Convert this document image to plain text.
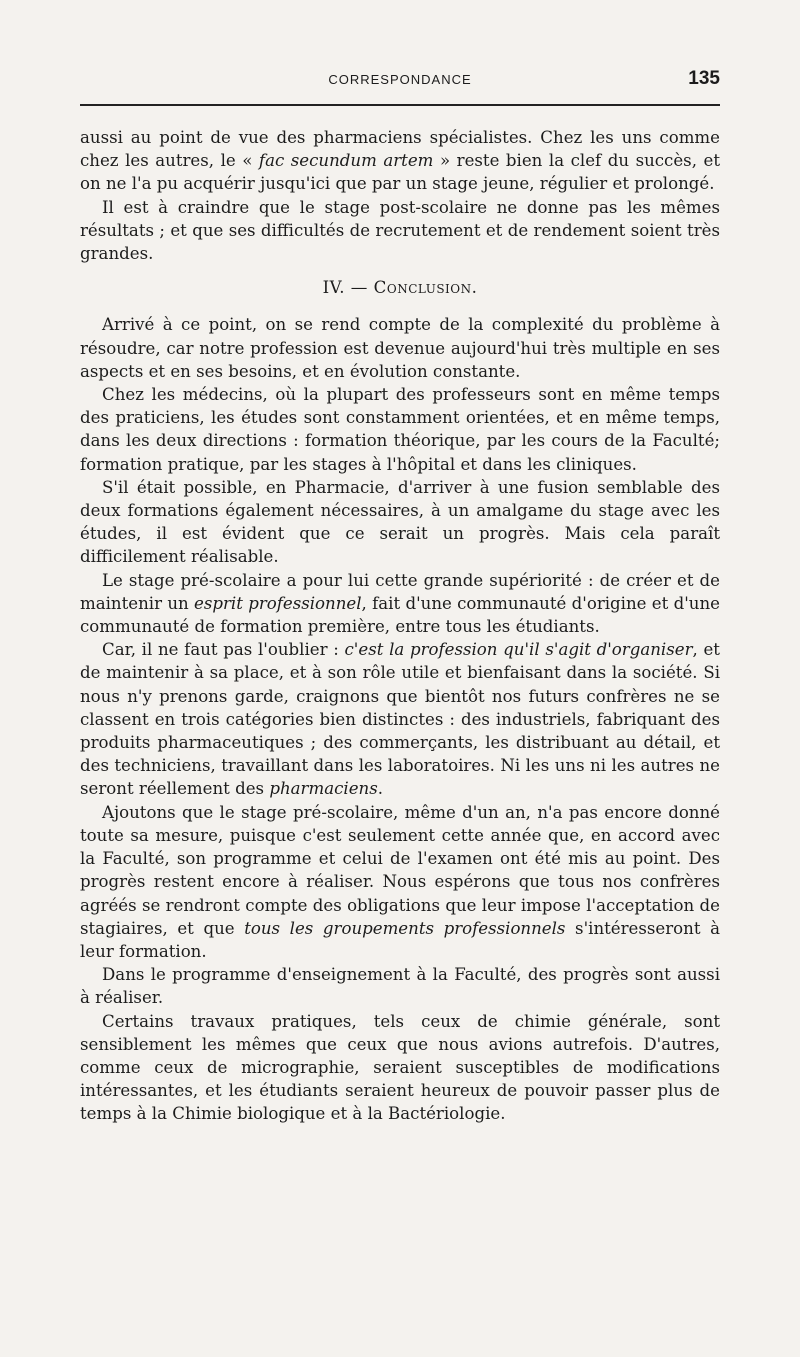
CORRESPONDANCE	135

aussi au point de vue des pharmaciens spécialistes. Chez les uns comme chez les autres, le « fac secundum artem » reste bien la clef du succès, et on ne l'a pu acquérir jusqu'ici que par un stage jeune, régulier et prolongé.

Il est à craindre que le stage post-scolaire ne donne pas les mêmes résultats ; et que ses difficultés de recrutement et de rendement soient très grandes.

IV. — Conclusion.

Arrivé à ce point, on se rend compte de la complexité du problème à résoudre, car notre profession est devenue aujourd'hui très multiple en ses aspects et en ses besoins, et en évolution constante.

Chez les médecins, où la plupart des professeurs sont en même temps des praticiens, les études sont constamment orientées, et en même temps, dans les deux directions : formation théorique, par les cours de la Faculté; formation pratique, par les stages à l'hôpital et dans les cliniques.

S'il était possible, en Pharmacie, d'arriver à une fusion semblable des deux formations également nécessaires, à un amalgame du stage avec les études, il est évident que ce serait un progrès. Mais cela paraît difficilement réalisable.

Le stage pré-scolaire a pour lui cette grande supériorité : de créer et de maintenir un esprit professionnel, fait d'une communauté d'origine et d'une communauté de formation première, entre tous les étudiants.

Car, il ne faut pas l'oublier : c'est la profession qu'il s'agit d'organiser, et de maintenir à sa place, et à son rôle utile et bienfaisant dans la société. Si nous n'y prenons garde, craignons que bientôt nos futurs confrères ne se classent en trois catégories bien distinctes : des industriels, fabriquant des produits pharmaceutiques ; des commerçants, les distribuant au détail, et des techniciens, travaillant dans les laboratoires. Ni les uns ni les autres ne seront réellement des pharmaciens.

Ajoutons que le stage pré-scolaire, même d'un an, n'a pas encore donné toute sa mesure, puisque c'est seulement cette année que, en accord avec la Faculté, son programme et celui de l'examen ont été mis au point. Des progrès restent encore à réaliser. Nous espérons que tous nos confrères agréés se rendront compte des obligations que leur impose l'acceptation de stagiaires, et que tous les groupements professionnels s'intéresseront à leur formation.

Dans le programme d'enseignement à la Faculté, des progrès sont aussi à réaliser.

Certains travaux pratiques, tels ceux de chimie générale, sont sensiblement les mêmes que ceux que nous avions autrefois. D'autres, comme ceux de micrographie, seraient susceptibles de modifications intéressantes, et les étudiants seraient heureux de pouvoir passer plus de temps à la Chimie biologique et à la Bactériologie.
